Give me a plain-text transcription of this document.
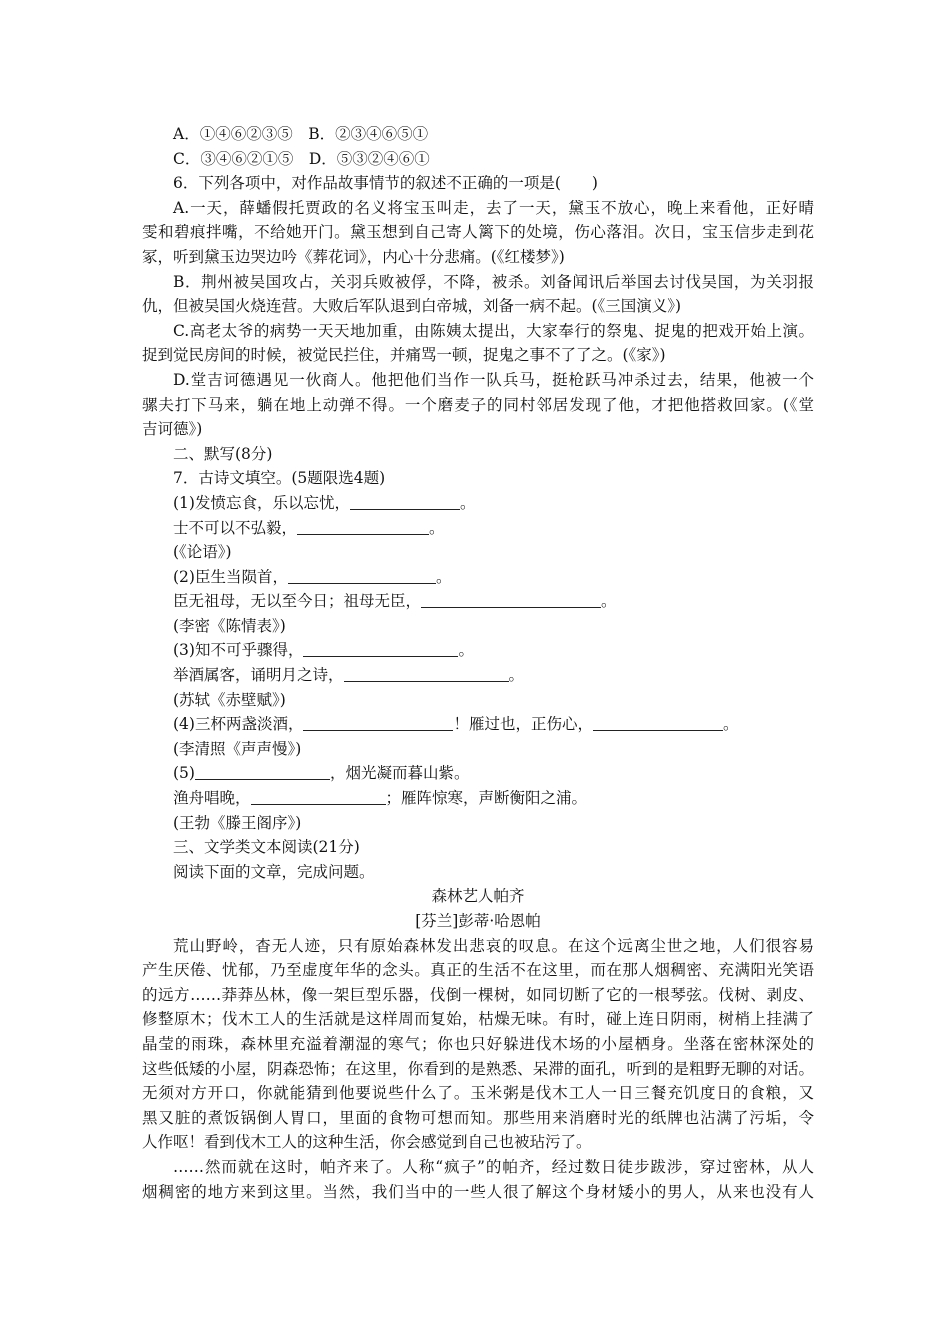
A．①④⑥②③⑤　B．②③④⑥⑤①
C．③④⑥②①⑤　D．⑤③②④⑥①
6．下列各项中，对作品故事情节的叙述不正确的一项是(　　)
A.一天，薛蟠假托贾政的名义将宝玉叫走，去了一天，黛玉不放心，晚上来看他，正好晴
雯和碧痕拌嘴，不给她开门。黛玉想到自己寄人篱下的处境，伤心落泪。次日，宝玉信步走到花
冢，听到黛玉边哭边吟《葬花词》，内心十分悲痛。(《红楼梦》)
B．荆州被吴国攻占，关羽兵败被俘，不降，被杀。刘备闻讯后举国去讨伐吴国，为关羽报
仇，但被吴国火烧连营。大败后军队退到白帝城，刘备一病不起。(《三国演义》)
C.高老太爷的病势一天天地加重，由陈姨太提出，大家奉行的祭鬼、捉鬼的把戏开始上演。
捉到觉民房间的时候，被觉民拦住，并痛骂一顿，捉鬼之事不了了之。(《家》)
D.堂吉诃德遇见一伙商人。他把他们当作一队兵马，挺枪跃马冲杀过去，结果，他被一个
骡夫打下马来，躺在地上动弹不得。一个磨麦子的同村邻居发现了他，才把他搭救回家。(《堂
吉诃德》)
二、默写(8分)
7．古诗文填空。(5题限选4题)
(1)发愤忘食，乐以忘忧，	。
士不可以不弘毅，	。
(《论语》)
(2)臣生当陨首，	。
臣无祖母，无以至今日；祖母无臣，	。
(李密《陈情表》)
(3)知不可乎骤得，	。
举酒属客，诵明月之诗，	。
(苏轼《赤壁赋》)
(4)三杯两盏淡酒，	！雁过也，正伤心，	。
(李清照《声声慢》)
(5)	，烟光凝而暮山紫。
渔舟唱晚，	；雁阵惊寒，声断衡阳之浦。
(王勃《滕王阁序》)
三、文学类文本阅读(21分)
阅读下面的文章，完成问题。
森林艺人帕齐
[芬兰]彭蒂·哈恩帕
荒山野岭，杳无人迹，只有原始森林发出悲哀的叹息。在这个远离尘世之地，人们很容易
产生厌倦、忧郁，乃至虚度年华的念头。真正的生活不在这里，而在那人烟稠密、充满阳光笑语
的远方……莽莽丛林，像一架巨型乐器，伐倒一棵树，如同切断了它的一根琴弦。伐树、剥皮、
修整原木；伐木工人的生活就是这样周而复始，枯燥无味。有时，碰上连日阴雨，树梢上挂满了
晶莹的雨珠，森林里充溢着潮湿的寒气；你也只好躲进伐木场的小屋栖身。坐落在密林深处的
这些低矮的小屋，阴森恐怖；在这里，你看到的是熟悉、呆滞的面孔，听到的是粗野无聊的对话。
无须对方开口，你就能猜到他要说些什么了。玉米粥是伐木工人一日三餐充饥度日的食粮，又
黑又脏的煮饭锅倒人胃口，里面的食物可想而知。那些用来消磨时光的纸牌也沾满了污垢，令
人作呕！看到伐木工人的这种生活，你会感觉到自己也被玷污了。
……然而就在这时，帕齐来了。人称“疯子”的帕齐，经过数日徒步跋涉，穿过密林，从人
烟稠密的地方来到这里。当然，我们当中的一些人很了解这个身材矮小的男人，从来也没有人
